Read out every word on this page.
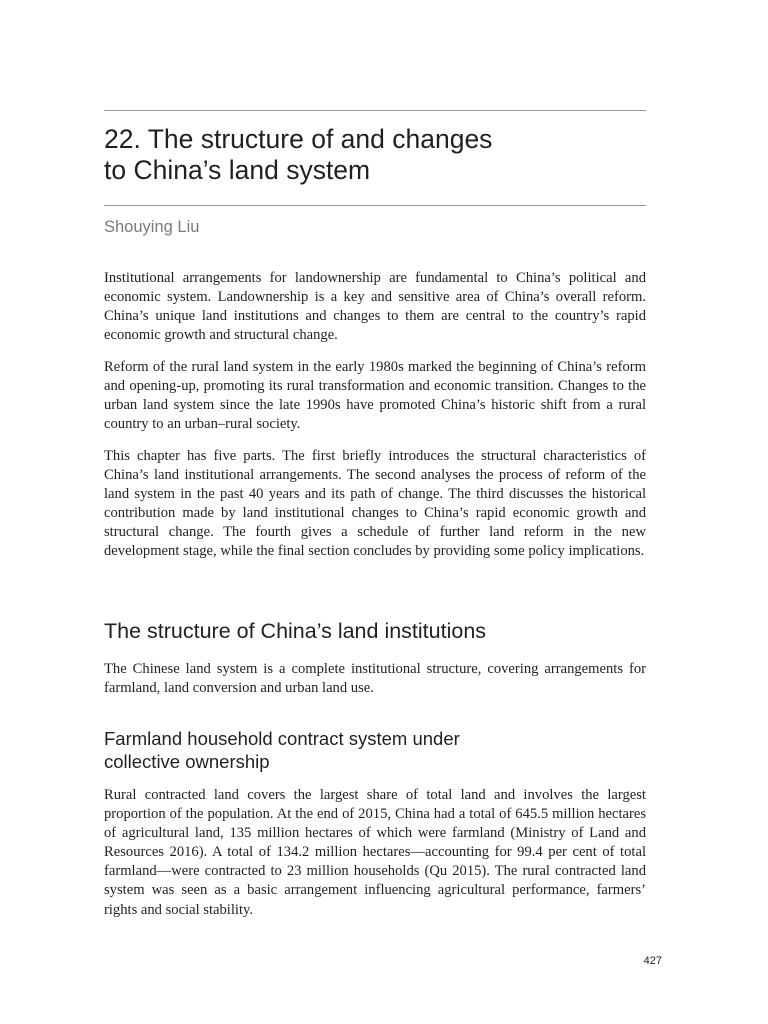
22. The structure of and changes
to China’s land system

Shouying Liu

Institutional arrangements for landownership are fundamental to China’s political and economic system. Landownership is a key and sensitive area of China’s overall reform. China’s unique land institutions and changes to them are central to the country’s rapid economic growth and structural change.

Reform of the rural land system in the early 1980s marked the beginning of China’s reform and opening-up, promoting its rural transformation and economic transition. Changes to the urban land system since the late 1990s have promoted China’s historic shift from a rural country to an urban–rural society.

This chapter has five parts. The first briefly introduces the structural characteristics of China’s land institutional arrangements. The second analyses the process of reform of the land system in the past 40 years and its path of change. The third discusses the historical contribution made by land institutional changes to China’s rapid economic growth and structural change. The fourth gives a schedule of further land reform in the new development stage, while the final section concludes by providing some policy implications.

The structure of China’s land institutions

The Chinese land system is a complete institutional structure, covering arrangements for farmland, land conversion and urban land use.

Farmland household contract system under
collective ownership

Rural contracted land covers the largest share of total land and involves the largest proportion of the population. At the end of 2015, China had a total of 645.5 million hectares of agricultural land, 135 million hectares of which were farmland (Ministry of Land and Resources 2016). A total of 134.2 million hectares—accounting for 99.4 per cent of total farmland—were contracted to 23 million households (Qu 2015). The rural contracted land system was seen as a basic arrangement influencing agricultural performance, farmers’ rights and social stability.

427
